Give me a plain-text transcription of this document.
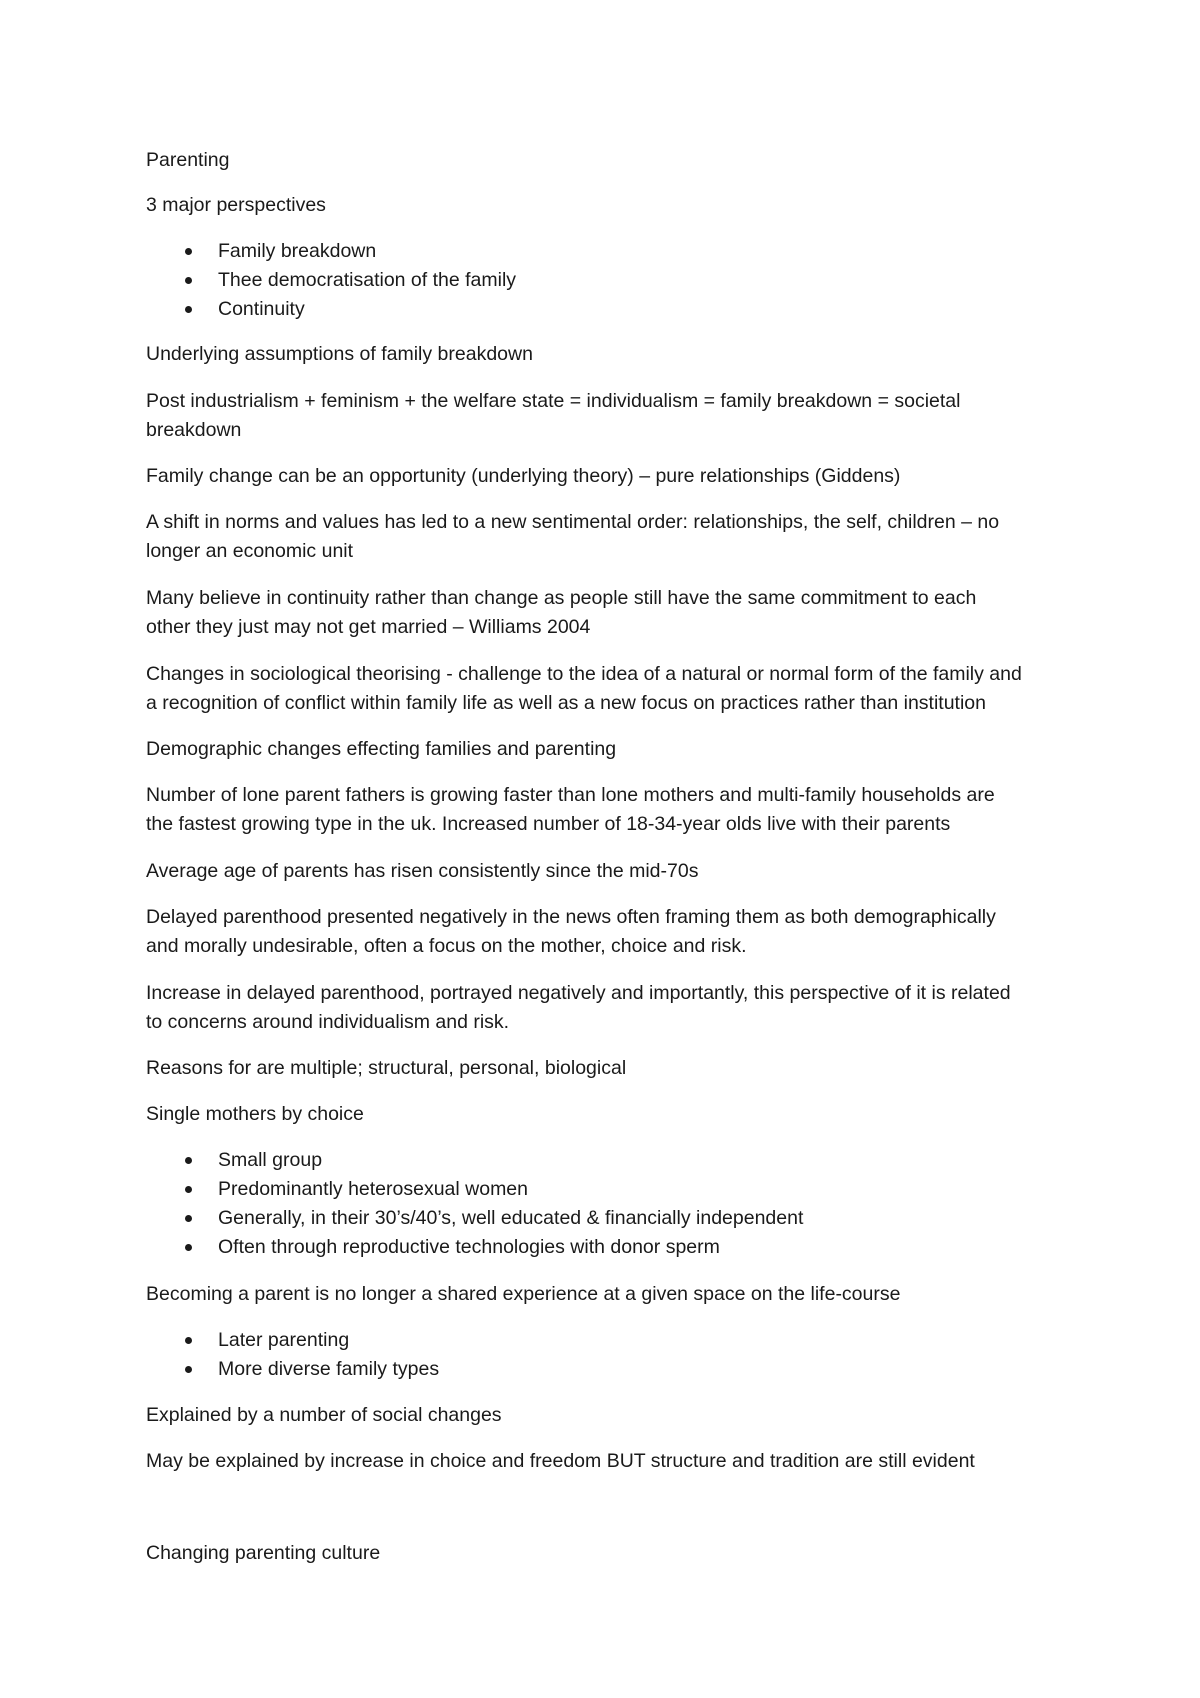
Parenting

3 major perspectives

Family breakdown

Thee democratisation of the family

Continuity

Underlying assumptions of family breakdown

Post industrialism + feminism + the welfare state = individualism = family breakdown = societal

breakdown

Family change can be an opportunity (underlying theory) – pure relationships (Giddens)

A shift in norms and values has led to a new sentimental order: relationships, the self, children – no

longer an economic unit

Many believe in continuity rather than change as people still have the same commitment to each

other they just may not get married – Williams 2004

Changes in sociological theorising - challenge to the idea of a natural or normal form of the family and

a recognition of conflict within family life as well as a new focus on practices rather than institution

Demographic changes effecting families and parenting

Number of lone parent fathers is growing faster than lone mothers and multi-family households are

the fastest growing type in the uk. Increased number of 18-34-year olds live with their parents

Average age of parents has risen consistently since the mid-70s

Delayed parenthood presented negatively in the news often framing them as both demographically

and morally undesirable, often a focus on the mother, choice and risk.

Increase in delayed parenthood, portrayed negatively and importantly, this perspective of it is related

to concerns around individualism and risk.

Reasons for are multiple; structural, personal, biological

Single mothers by choice

Small group

Predominantly heterosexual women

Generally, in their 30’s/40’s, well educated & financially independent

Often through reproductive technologies with donor sperm

Becoming a parent is no longer a shared experience at a given space on the life-course

Later parenting

More diverse family types

Explained by a number of social changes

May be explained by increase in choice and freedom BUT structure and tradition are still evident

Changing parenting culture
